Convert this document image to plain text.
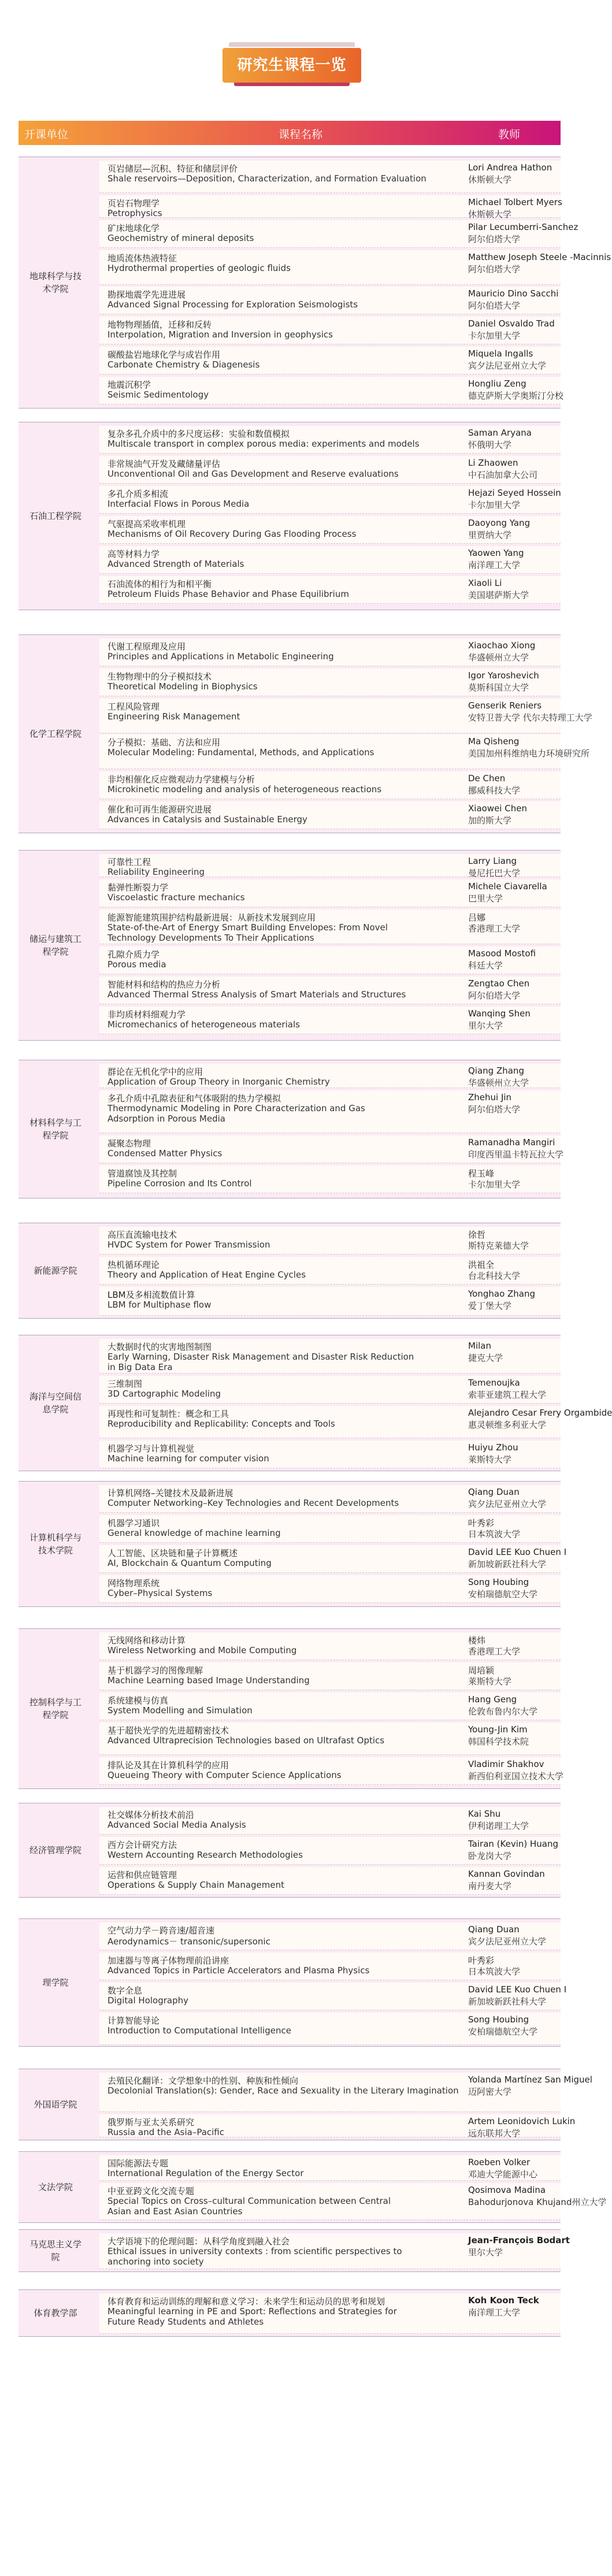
研究生课程一览
开课单位	课程名称	教师
地球科学与技术学院
页岩储层—沉积、特征和储层评价
Shale reservoirs—Deposition, Characterization, and Formation Evaluation
Lori Andrea Hathon
休斯顿大学
页岩石物理学
Petrophysics
Michael Tolbert Myers
休斯顿大学
矿床地球化学
Geochemistry of mineral deposits
Pilar Lecumberri-Sanchez
阿尔伯塔大学
地质流体热液特征
Hydrothermal properties of geologic fluids
Matthew Joseph Steele -Macinnis
阿尔伯塔大学
勘探地震学先进进展
Advanced Signal Processing for Exploration Seismologists
Mauricio Dino Sacchi
阿尔伯塔大学
地物物理插值，迁移和反转
Interpolation, Migration and Inversion in geophysics
Daniel Osvaldo Trad
卡尔加里大学
碳酸盐岩地球化学与成岩作用
Carbonate Chemistry & Diagenesis
Miquela Ingalls
宾夕法尼亚州立大学
地震沉积学
Seismic Sedimentology
Hongliu Zeng
德克萨斯大学奥斯汀分校
石油工程学院
复杂多孔介质中的多尺度运移：实验和数值模拟
Multiscale transport in complex porous media: experiments and models
Saman Aryana
怀俄明大学
非常规油气开发及藏储量评估
Unconventional Oil and Gas Development and Reserve evaluations
Li Zhaowen
中石油加拿大公司
多孔介质多相流
Interfacial Flows in Porous Media
Hejazi Seyed Hossein
卡尔加里大学
气驱提高采收率机理
Mechanisms of Oil Recovery During Gas Flooding Process
Daoyong Yang
里贾纳大学
高等材料力学
Advanced Strength of Materials
Yaowen Yang
南洋理工大学
石油流体的相行为和相平衡
Petroleum Fluids Phase Behavior and Phase Equilibrium
Xiaoli Li
美国堪萨斯大学
化学工程学院
代谢工程原理及应用
Principles and Applications in Metabolic Engineering
Xiaochao Xiong
华盛顿州立大学
生物物理中的分子模拟技术
Theoretical Modeling in Biophysics
Igor Yaroshevich
莫斯科国立大学
工程风险管理
Engineering Risk Management
Genserik Reniers
安特卫普大学 代尔夫特理工大学
分子模拟：基础、方法和应用
Molecular Modeling: Fundamental, Methods, and Applications
Ma Qisheng
美国加州科维纳电力环境研究所
非均相催化反应微观动力学建模与分析
Microkinetic modeling and analysis of heterogeneous reactions
De Chen
挪威科技大学
催化和可再生能源研究进展
Advances in Catalysis and Sustainable Energy
Xiaowei Chen
加的斯大学
储运与建筑工程学院
可靠性工程
Reliability Engineering
Larry Liang
曼尼托巴大学
黏弹性断裂力学
Viscoelastic fracture mechanics
Michele Ciavarella
巴里大学
能源智能建筑围护结构最新进展：从新技术发展到应用
State-of-the-Art of Energy Smart Building Envelopes: From Novel
Technology Developments To Their Applications
吕娜
香港理工大学
孔隙介质力学
Porous media
Masood Mostofi
科廷大学
智能材料和结构的热应力分析
Advanced Thermal Stress Analysis of Smart Materials and Structures
Zengtao Chen
阿尔伯塔大学
非均质材料细观力学
Micromechanics of heterogeneous materials
Wanqing Shen
里尔大学
材料科学与工程学院
群论在无机化学中的应用
Application of Group Theory in Inorganic Chemistry
Qiang Zhang
华盛顿州立大学
多孔介质中孔隙表征和气体吸附的热力学模拟
Thermodynamic Modeling in Pore Characterization and Gas
Adsorption in Porous Media
Zhehui Jin
阿尔伯塔大学
凝聚态物理
Condensed Matter Physics
Ramanadha Mangiri
印度西里温卡特瓦拉大学
管道腐蚀及其控制
Pipeline Corrosion and Its Control
程玉峰
卡尔加里大学
新能源学院
高压直流输电技术
HVDC System for Power Transmission
徐哲
斯特克莱德大学
热机循环理论
Theory and Application of Heat Engine Cycles
洪祖全
台北科技大学
LBM及多相流数值计算
LBM for Multiphase flow
Yonghao Zhang
爱丁堡大学
海洋与空间信息学院
大数据时代的灾害地图制图
Early Warning, Disaster Risk Management and Disaster Risk Reduction
in Big Data Era
Milan
捷克大学
三维制图
3D Cartographic Modeling
Temenoujka
索菲亚建筑工程大学
再现性和可复制性：概念和工具
Reproducibility and Replicability: Concepts and Tools
Alejandro Cesar Frery Orgambide
惠灵顿维多利亚大学
机器学习与计算机视觉
Machine learning for computer vision
Huiyu Zhou
莱斯特大学
计算机科学与技术学院
计算机网络–关键技术及最新进展
Computer Networking–Key Technologies and Recent Developments
Qiang Duan
宾夕法尼亚州立大学
机器学习通识
General knowledge of machine learning
叶秀彩
日本筑波大学
人工智能、区块链和量子计算概述
AI, Blockchain & Quantum Computing
David LEE Kuo Chuen I
新加坡新跃社科大学
网络物理系统
Cyber–Physical Systems
Song Houbing
安柏瑞德航空大学
控制科学与工程学院
无线网络和移动计算
Wireless Networking and Mobile Computing
楼炜
香港理工大学
基于机器学习的图像理解
Machine Learning based Image Understanding
周培颖
莱斯特大学
系统建模与仿真
System Modelling and Simulation
Hang Geng
伦敦布鲁内尔大学
基于超快光学的先进超精密技术
Advanced Ultraprecision Technologies based on Ultrafast Optics
Young-Jin Kim
韩国科学技术院
排队论及其在计算机科学的应用
Queueing Theory with Computer Science Applications
Vladimir Shakhov
新西伯利亚国立技术大学
经济管理学院
社交媒体分析技术前沿
Advanced Social Media Analysis
Kai Shu
伊利诺理工大学
西方会计研究方法
Western Accounting Research Methodologies
Tairan (Kevin) Huang
卧龙岗大学
运营和供应链管理
Operations & Supply Chain Management
Kannan Govindan
南丹麦大学
理学院
空气动力学－跨音速/超音速
Aerodynamics－ transonic/supersonic
Qiang Duan
宾夕法尼亚州立大学
加速器与等离子体物理前沿讲座
Advanced Topics in Particle Accelerators and Plasma Physics
叶秀彩
日本筑波大学
数字全息
Digital Holography
David LEE Kuo Chuen I
新加坡新跃社科大学
计算智能导论
Introduction to Computational Intelligence
Song Houbing
安柏瑞德航空大学
外国语学院
去殖民化翻译：文学想象中的性别、种族和性倾向
Decolonial Translation(s): Gender, Race and Sexuality in the Literary Imagination
Yolanda Martínez San Miguel
迈阿密大学
俄罗斯与亚太关系研究
Russia and the Asia–Pacific
Artem Leonidovich Lukin
远东联邦大学
文法学院
国际能源法专题
International Regulation of the Energy Sector
Roeben Volker
邓迪大学能源中心
中亚亚跨文化交流专题
Special Topics on Cross–cultural Communication between Central
Asian and East Asian Countries
Qosimova Madina
Bahodurjonova Khujand州立大学
马克思主义学院
大学语境下的伦理问题：从科学角度到融入社会
Ethical issues in university contexts : from scientific perspectives to
anchoring into society
Jean-François Bodart
里尔大学
体育教学部
体育教育和运动训练的理解和意义学习：未来学生和运动员的思考和规划
Meaningful learning in PE and Sport: Reflections and Strategies for
Future Ready Students and Athletes
Koh Koon Teck
南洋理工大学
